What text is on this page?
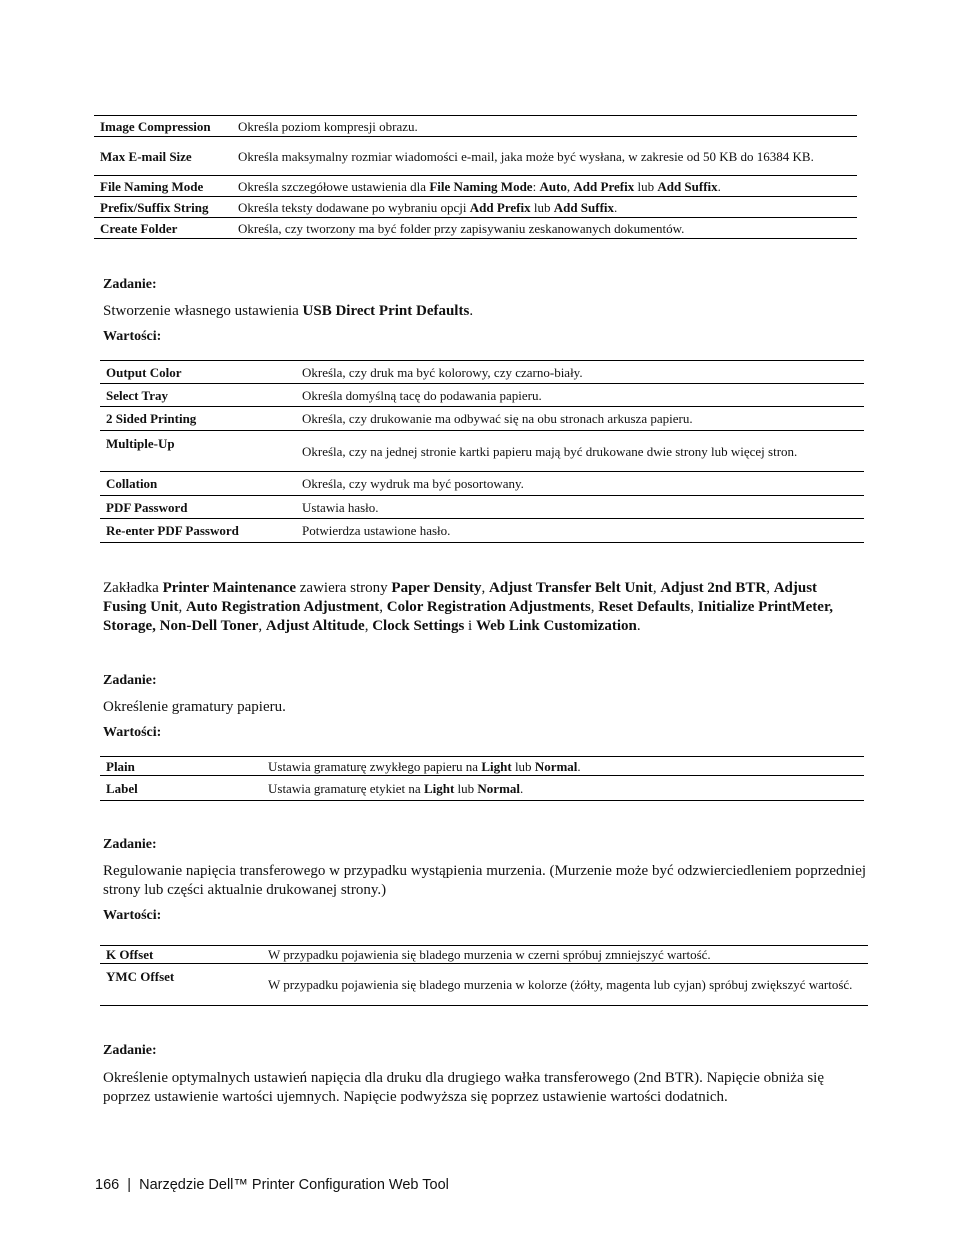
Image Compression	Określa poziom kompresji obrazu.
Max E-mail Size	Określa maksymalny rozmiar wiadomości e-mail, jaka może być wysłana, w zakresie od 50 KB do 16384 KB.
File Naming Mode	Określa szczegółowe ustawienia dla File Naming Mode: Auto, Add Prefix lub Add Suffix.
Prefix/Suffix String	Określa teksty dodawane po wybraniu opcji Add Prefix lub Add Suffix.
Create Folder	Określa, czy tworzony ma być folder przy zapisywaniu zeskanowanych dokumentów.

Zadanie:

Stworzenie własnego ustawienia USB Direct Print Defaults.

Wartości:

Output Color	Określa, czy druk ma być kolorowy, czy czarno-biały.
Select Tray	Określa domyślną tacę do podawania papieru.
2 Sided Printing	Określa, czy drukowanie ma odbywać się na obu stronach arkusza papieru.
Multiple-Up	Określa, czy na jednej stronie kartki papieru mają być drukowane dwie strony lub więcej stron.
Collation	Określa, czy wydruk ma być posortowany.
PDF Password	Ustawia hasło.
Re-enter PDF Password	Potwierdza ustawione hasło.

Zakładka Printer Maintenance zawiera strony Paper Density, Adjust Transfer Belt Unit, Adjust 2nd BTR, Adjust Fusing Unit, Auto Registration Adjustment, Color Registration Adjustments, Reset Defaults, Initialize PrintMeter, Storage, Non-Dell Toner, Adjust Altitude, Clock Settings i Web Link Customization.

Zadanie:

Określenie gramatury papieru.

Wartości:

Plain	Ustawia gramaturę zwykłego papieru na Light lub Normal.
Label	Ustawia gramaturę etykiet na Light lub Normal.

Zadanie:

Regulowanie napięcia transferowego w przypadku wystąpienia murzenia. (Murzenie może być odzwierciedleniem poprzedniej strony lub części aktualnie drukowanej strony.)

Wartości:

K Offset	W przypadku pojawienia się bladego murzenia w czerni spróbuj zmniejszyć wartość.
YMC Offset	W przypadku pojawienia się bladego murzenia w kolorze (żółty, magenta lub cyjan) spróbuj zwiększyć wartość.

Zadanie:

Określenie optymalnych ustawień napięcia dla druku dla drugiego wałka transferowego (2nd BTR). Napięcie obniża się poprzez ustawienie wartości ujemnych. Napięcie podwyższa się poprzez ustawienie wartości dodatnich.

166 | Narzędzie Dell™ Printer Configuration Web Tool
